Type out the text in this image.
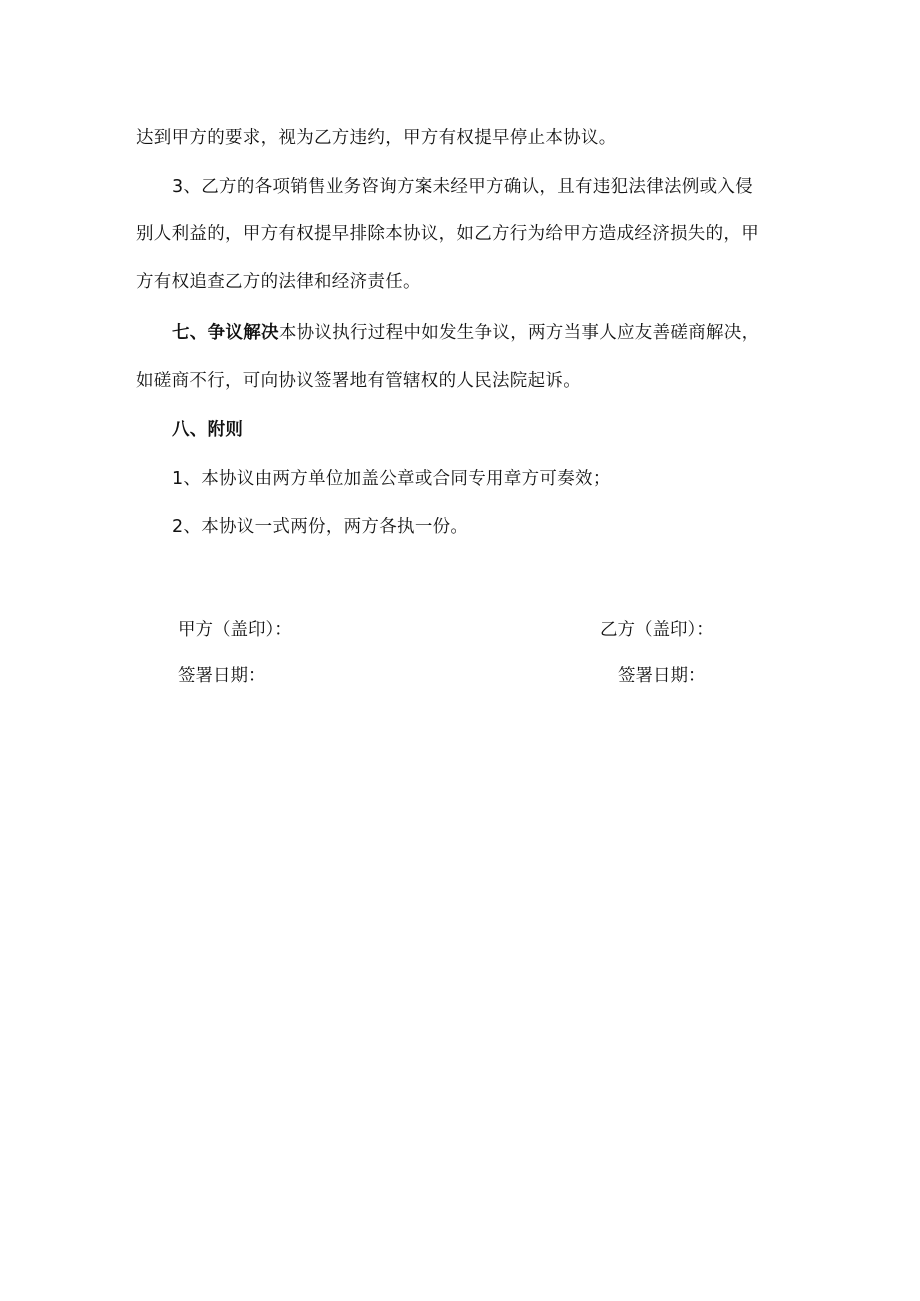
达到甲方的要求，视为乙方违约，甲方有权提早停止本协议。
3、乙方的各项销售业务咨询方案未经甲方确认，且有违犯法律法例或入侵
别人利益的，甲方有权提早排除本协议，如乙方行为给甲方造成经济损失的，甲
方有权追查乙方的法律和经济责任。
七、争议解决本协议执行过程中如发生争议，两方当事人应友善磋商解决，
如磋商不行，可向协议签署地有管辖权的人民法院起诉。
八、附则
1、本协议由两方单位加盖公章或合同专用章方可奏效；
2、本协议一式两份，两方各执一份。
甲方（盖印）：	乙方（盖印）：
签署日期：	签署日期：
